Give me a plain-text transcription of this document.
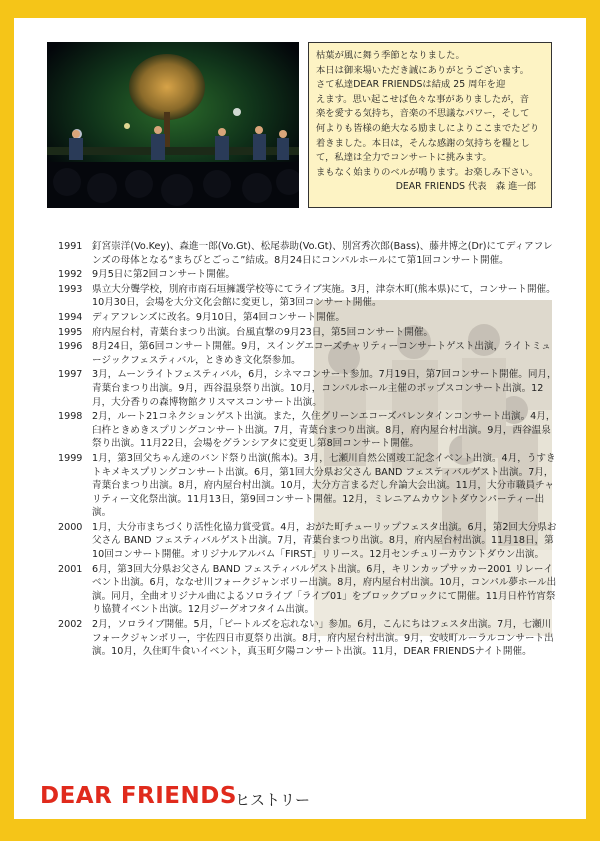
枯葉が風に舞う季節となりました。

本日は御来場いただき誠にありがとうございます。

さて私達DEAR FRIENDSは結成 25 周年を迎

えます。思い起こせば色々な事がありましたが，音

楽を愛する気持ち，音楽の不思議なパワー，そして

何よりも皆様の絶大なる励ましによりここまでたどり

着きました。本日は，そんな感謝の気持ちを糧とし

て，私達は全力でコンサートに挑みます。

まもなく始まりのベルが鳴ります。お楽しみ下さい。

DEAR FRIENDS 代表　森 進一郎

1991 釘宮崇洋(Vo.Key)、森進一郎(Vo.Gt)、松尾恭助(Vo.Gt)、別宮秀次郎(Bass)、藤井博之(Dr)にてディアフレンズの母体となる“まちびとごっこ”結成。8月24日にコンパルホールにて第1回コンサート開催。
1992 9月5日に第2回コンサート開催。
1993 県立大分聾学校，別府市南石垣擁護学校等にてライブ実施。3月，津奈木町(熊本県)にて，コンサート開催。10月30日，会場を大分文化会館に変更し，第3回コンサート開催。
1994 ディアフレンズに改名。9月10日，第4回コンサート開催。
1995 府内屋台村，青葉台まつり出演。台風直撃の9月23日，第5回コンサート開催。
1996 8月24日，第6回コンサート開催。9月，スイングエコーズチャリティーコンサートゲスト出演，ライトミュージックフェスティバル，ときめき文化祭参加。
1997 3月，ムーンライトフェスティバル，6月，シネマコンサート参加。7月19日，第7回コンサート開催。同月，青葉台まつり出演。9月，西谷温泉祭り出演。10月，コンパルホール主催のポップスコンサート出演。12月，大分香りの森博物館クリスマスコンサート出演。
1998 2月，ルート21コネクションゲスト出演。また，久住グリーンエコーズバレンタインコンサート出演。4月，臼杵ときめきスプリングコンサート出演。7月，青葉台まつり出演。8月，府内屋台村出演。9月，西谷温泉祭り出演。11月22日，会場をグランシアタに変更し第8回コンサート開催。
1999 1月，第3回父ちゃん達のバンド祭り出演(熊本)。3月，七瀬川自然公園竣工記念イベント出演。4月，うすきトキメキスプリングコンサート出演。6月，第1回大分県お父さん BAND フェスティバルゲスト出演。7月，青葉台まつり出演。8月，府内屋台村出演。10月，大分方言まるだし弁論大会出演。11月，大分市職員チャリティー文化祭出演。11月13日，第9回コンサート開催。12月，ミレニアムカウントダウンパーティー出演。
2000 1月，大分市まちづくり活性化協力賞受賞。4月，おがた町チューリップフェスタ出演。6月，第2回大分県お父さん BAND フェスティバルゲスト出演。7月，青葉台まつり出演。8月，府内屋台村出演。11月18日，第10回コンサート開催。オリジナルアルバム「FIRST」リリース。12月センチュリーカウントダウン出演。
2001 6月，第3回大分県お父さん BAND フェスティバルゲスト出演。6月，キリンカップサッカー2001 リレーイベント出演。6月，ななせ川フォークジャンボリー出演。8月，府内屋台村出演。10月，コンパル夢ホール出演。同月，全曲オリジナル曲によるソロライブ「ライブ01」をブロックブロックにて開催。11月日杵竹宵祭り協賛イベント出演。12月ジーグオフタイム出演。
2002 2月，ソロライブ開催。5月，「ビートルズを忘れない」参加。6月，こんにちはフェスタ出演。7月，七瀬川フォークジャンボリー，宇佐四日市夏祭り出演。8月，府内屋台村出演。9月，安岐町ルーラルコンサート出演。10月，久住町牛食いイベント，真玉町夕陽コンサート出演。11月，DEAR FRIENDSナイト開催。
DEAR FRIENDS
ヒストリー
